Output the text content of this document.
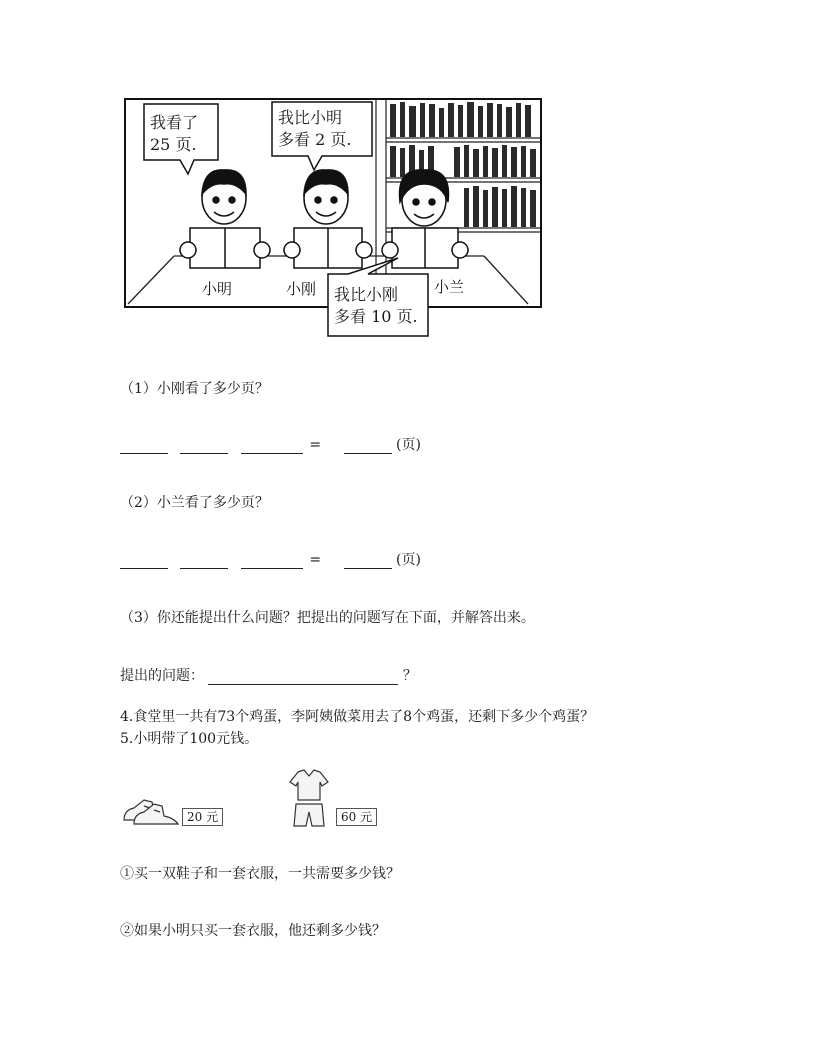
我看了
25 页.
我比小明
多看 2 页.
我比小刚
多看 10 页.
小明	小刚	小兰
（1）小刚看了多少页？
=	(页)
（2）小兰看了多少页？
=	(页)
（3）你还能提出什么问题？把提出的问题写在下面，并解答出来。
提出的问题：	？
4.食堂里一共有73个鸡蛋，李阿姨做菜用去了8个鸡蛋，还剩下多少个鸡蛋？
5.小明带了100元钱。
20 元	60 元
①买一双鞋子和一套衣服，一共需要多少钱？
②如果小明只买一套衣服，他还剩多少钱？
